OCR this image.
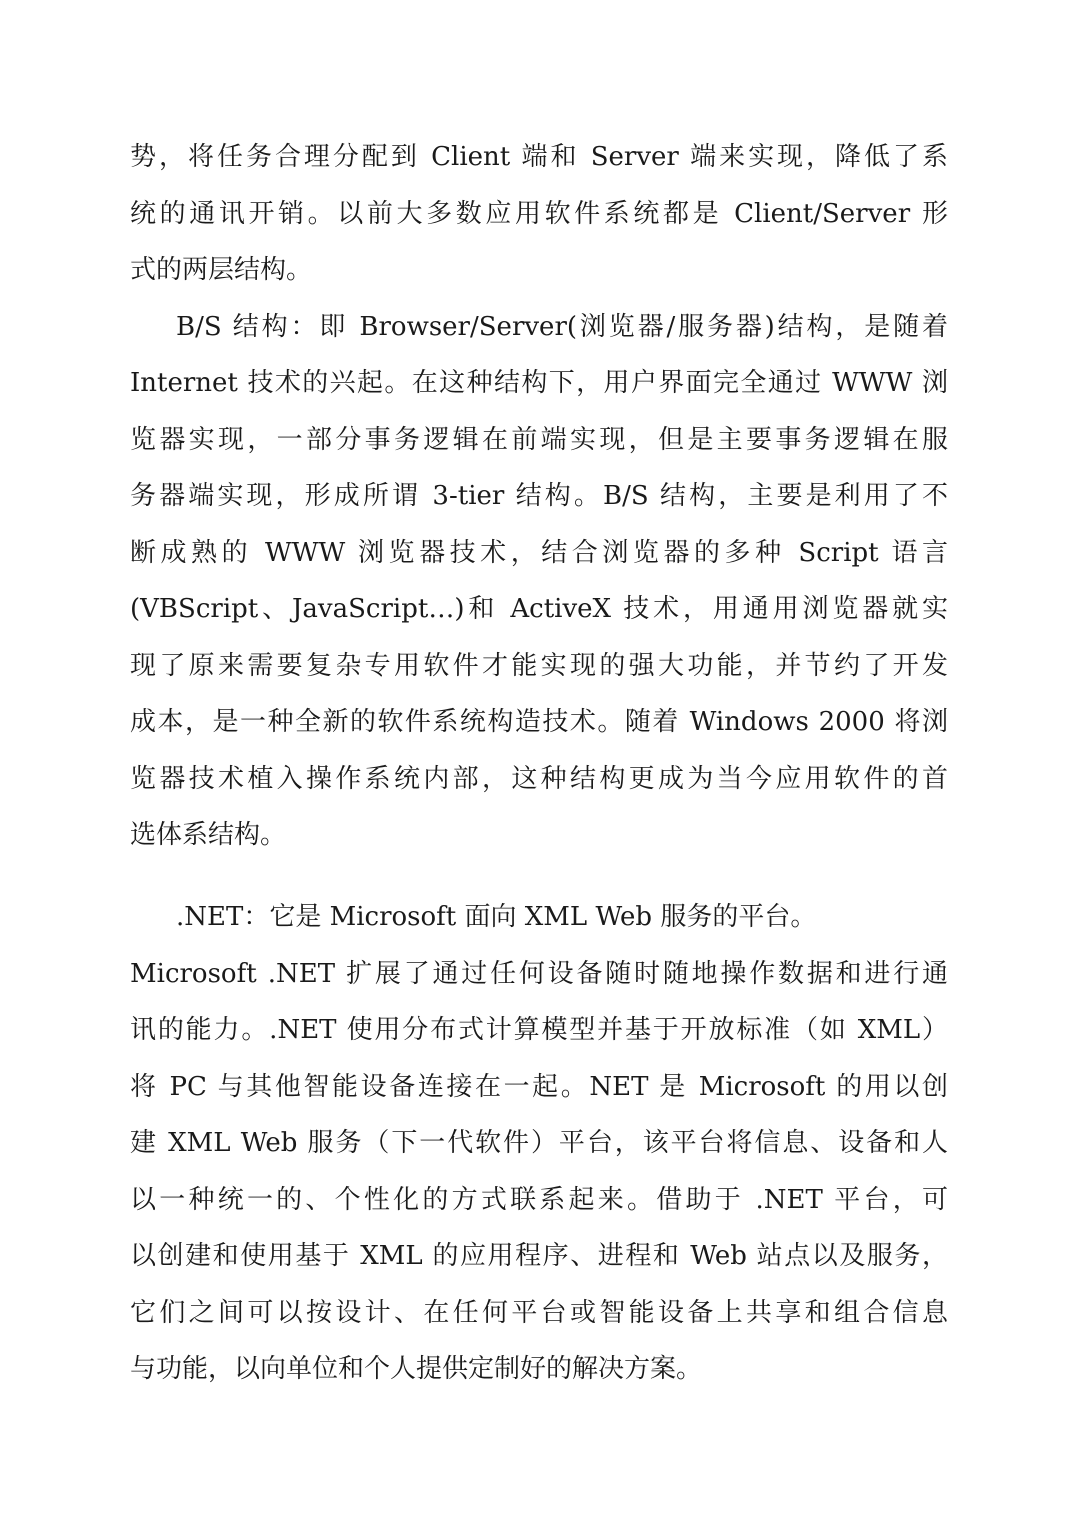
势，将任务合理分配到 Client 端和 Server 端来实现，降低了系

统的通讯开销。以前大多数应用软件系统都是 Client/Server 形

式的两层结构。

B/S 结构：即 Browser/Server(浏览器/服务器)结构，是随着

Internet 技术的兴起。在这种结构下，用户界面完全通过 WWW 浏

览器实现，一部分事务逻辑在前端实现，但是主要事务逻辑在服

务器端实现，形成所谓 3-tier 结构。B/S 结构，主要是利用了不

断成熟的 WWW 浏览器技术，结合浏览器的多种 Script 语言

(VBScript、JavaScript…)和 ActiveX 技术，用通用浏览器就实

现了原来需要复杂专用软件才能实现的强大功能，并节约了开发

成本，是一种全新的软件系统构造技术。随着 Windows 2000 将浏

览器技术植入操作系统内部，这种结构更成为当今应用软件的首

选体系结构。

.NET：它是 Microsoft 面向 XML Web 服务的平台。

Microsoft .NET 扩展了通过任何设备随时随地操作数据和进行通

讯的能力。.NET 使用分布式计算模型并基于开放标准（如 XML）

将 PC 与其他智能设备连接在一起。NET 是 Microsoft 的用以创

建 XML Web 服务（下一代软件）平台，该平台将信息、设备和人

以一种统一的、个性化的方式联系起来。借助于 .NET 平台，可

以创建和使用基于 XML 的应用程序、进程和 Web 站点以及服务，

它们之间可以按设计、在任何平台或智能设备上共享和组合信息

与功能，以向单位和个人提供定制好的解决方案。
